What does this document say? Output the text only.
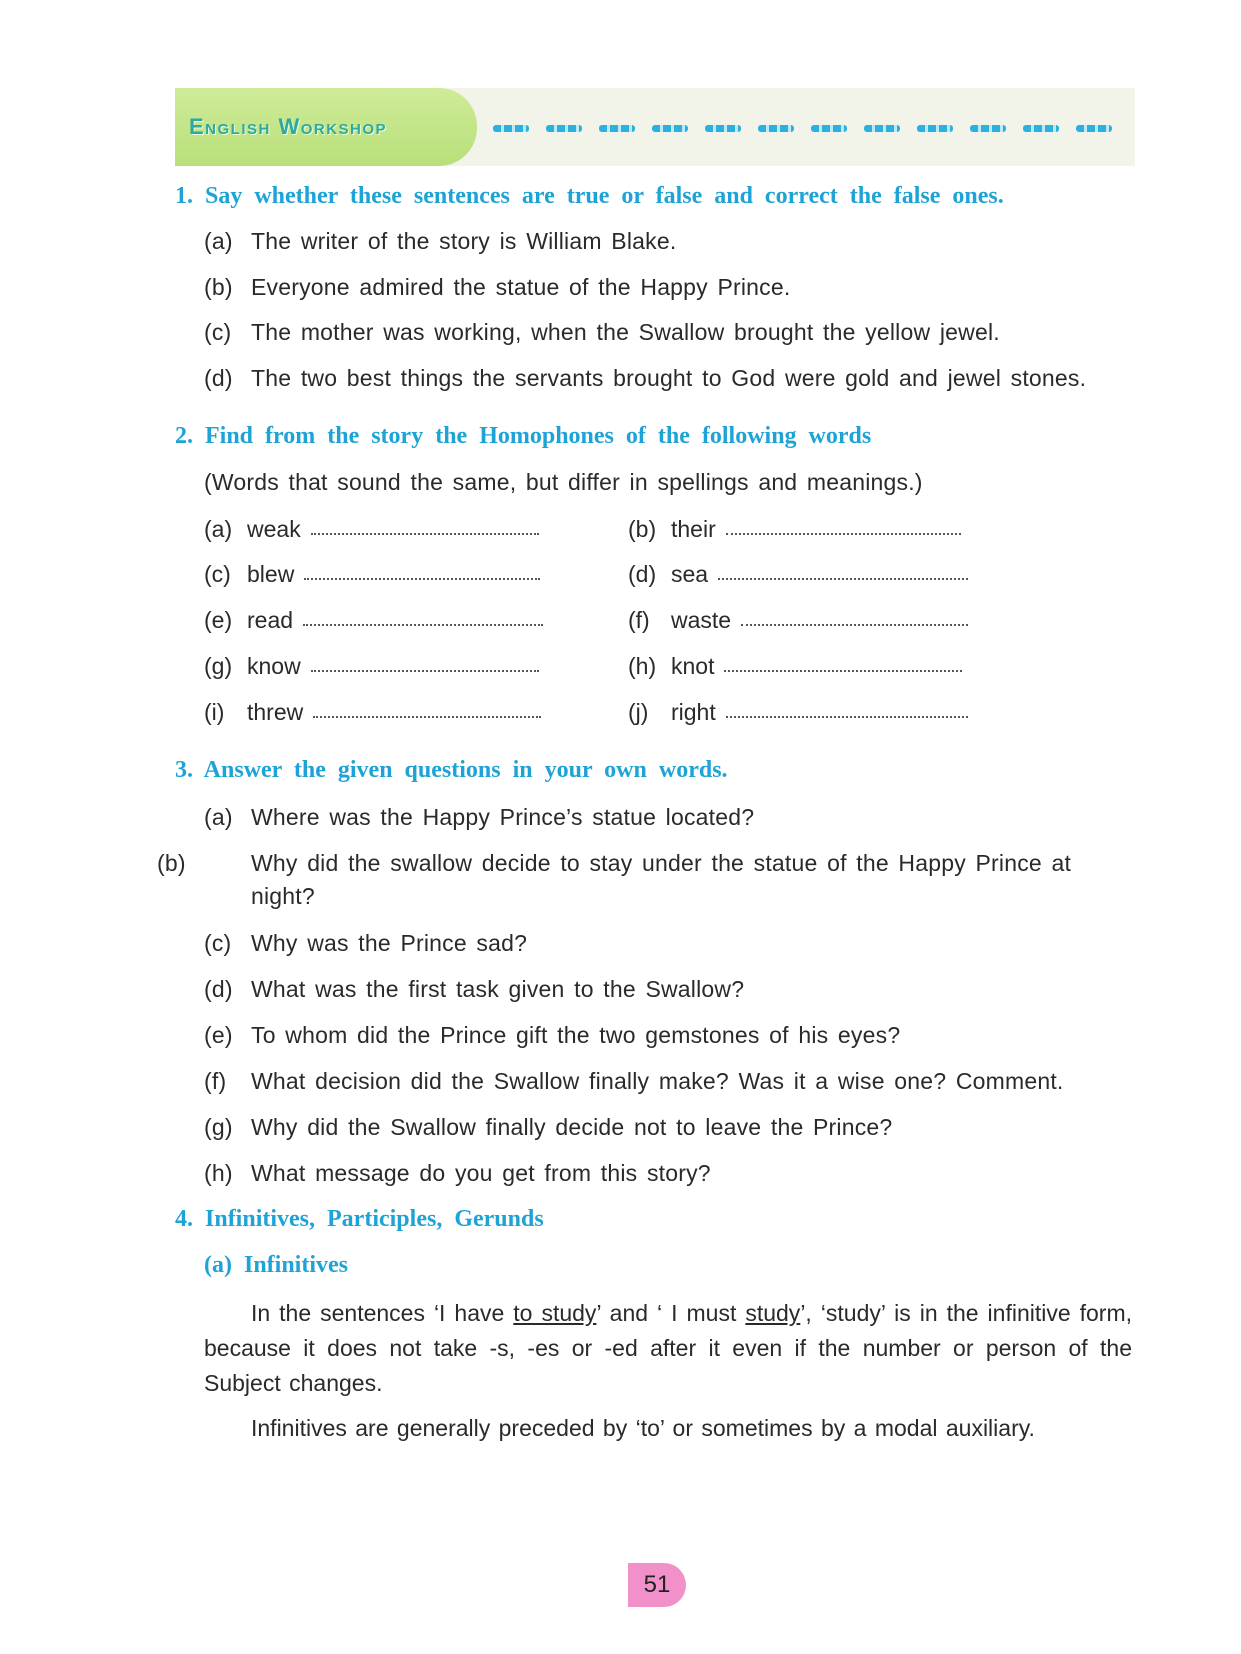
English Workshop
1. Say whether these sentences are true or false and correct the false ones.
(a) The writer of the story is William Blake.
(b) Everyone admired the statue of the Happy Prince.
(c) The mother was working, when the Swallow brought the yellow jewel.
(d) The two best things the servants brought to God were gold and jewel stones.
2. Find from the story the Homophones of the following words
(Words that sound the same, but differ in spellings and meanings.)
(a) weak	(b) their
(c) blew	(d) sea
(e) read	(f) waste
(g) know	(h) knot
(i) threw	(j) right
3. Answer the given questions in your own words.
(a) Where was the Happy Prince’s statue located?
(b)	Why did the swallow decide to stay under the statue of the Happy Prince at night?
(c) Why was the Prince sad?
(d) What was the first task given to the Swallow?
(e) To whom did the Prince gift the two gemstones of his eyes?
(f) What decision did the Swallow finally make? Was it a wise one? Comment.
(g) Why did the Swallow finally decide not to leave the Prince?
(h) What message do you get from this story?
4. Infinitives, Participles, Gerunds
(a) Infinitives
In the sentences ‘I have to study’ and ‘ I must study’, ‘study’ is in the infinitive form, because it does not take -s, -es or -ed after it even if the number or person of the Subject changes.
Infinitives are generally preceded by ‘to’ or sometimes by a modal auxiliary.
51
